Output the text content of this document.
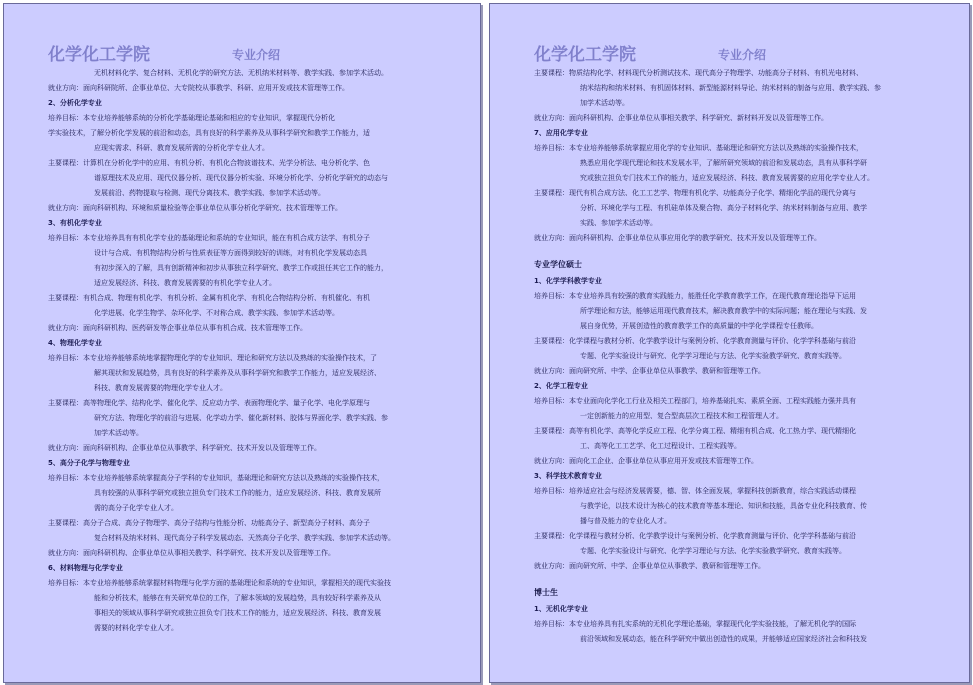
化学化工学院	专业介绍
无机材料化学、复合材料、无机化学的研究方法、无机纳米材料等、教学实践、参加学术活动。
就业方向：面向科研院所、企事业单位、大专院校从事教学、科研、应用开发或技术管理等工作。
2、分析化学专业
培养目标：本专业培养能够系统的分析化学基础理论基础和相应的专业知识，掌握现代分析化
学实验技术，了解分析化学发展的前沿和动态，具有良好的科学素养及从事科学研究和教学工作能力，适
应现实需求、科研、教育发展所需的分析化学专业人才。
主要课程：计算机在分析化学中的应用、有机分析、有机化合物波谱技术、光学分析法、电分析化学、色
谱原理技术及应用、现代仪器分析、现代仪器分析实验、环境分析化学、分析化学研究的动态与
发展前沿、药物提取与检测、现代分离技术、教学实践、参加学术活动等。
就业方向：面向科研机构、环境和质量检验等企事业单位从事分析化学研究、技术管理等工作。
3、有机化学专业
培养目标：本专业培养具有有机化学专业的基础理论和系统的专业知识，能在有机合成方法学、有机分子
设计与合成、有机物结构分析与性质表征等方面得到较好的训练，对有机化学发展动态具
有初步深入的了解，具有创新精神和初步从事独立科学研究、教学工作或担任其它工作的能力，
适应发展经济、科技、教育发展需要的有机化学专业人才。
主要课程：有机合成、物理有机化学、有机分析、金属有机化学、有机化合物结构分析、有机催化、有机
化学进展、化学生物学、杂环化学、不对称合成、教学实践、参加学术活动等。
就业方向：面向科研机构、医药研发等企事业单位从事有机合成、技术管理等工作。
4、物理化学专业
培养目标：本专业培养能够系统地掌握物理化学的专业知识、理论和研究方法以及熟练的实验操作技术，了
解其现状和发展趋势，具有良好的科学素养及从事科学研究和教学工作能力，适应发展经济、
科技、教育发展需要的物理化学专业人才。
主要课程：高等物理化学、结构化学、催化化学、反应动力学、表面物理化学、量子化学、电化学原理与
研究方法、物理化学的前沿与进展、化学动力学、催化新材料、胶体与界面化学、教学实践、参
加学术活动等。
就业方向：面向科研机构、企事业单位从事教学、科学研究、技术开发以及管理等工作。
5、高分子化学与物理专业
培养目标：本专业培养能够系统掌握高分子学科的专业知识，基础理论和研究方法以及熟练的实验操作技术，
具有较强的从事科学研究或独立担负专门技术工作的能力，适应发展经济、科技、教育发展所
需的高分子化学专业人才。
主要课程：高分子合成、高分子物理学、高分子结构与性能分析、功能高分子、新型高分子材料、高分子
复合材料及纳米材料、现代高分子科学发展动态、天然高分子化学、教学实践、参加学术活动等。
就业方向：面向科研机构、企事业单位从事相关教学、科学研究、技术开发以及管理等工作。
6、材料物理与化学专业
培养目标：本专业培养能够系统掌握材料物理与化学方面的基础理论和系统的专业知识，掌握相关的现代实验技
能和分析技术，能够在有关研究单位的工作，了解本领域的发展趋势，具有较好科学素养及从
事相关的领域从事科学研究或独立担负专门技术工作的能力，适应发展经济、科技、教育发展
需要的材料化学专业人才。
化学化工学院	专业介绍
主要课程：物质结构化学、材料现代分析测试技术、现代高分子物理学、功能高分子材料、有机光电材料、
纳米结构和纳米材料、有机固体材料、新型能源材料导论、纳米材料的制备与应用、教学实践、参
加学术活动等。
就业方向：面向科研机构、企事业单位从事相关教学、科学研究、新材料开发以及管理等工作。
7、应用化学专业
培养目标：本专业培养能够系统掌握应用化学的专业知识、基础理论和研究方法以及熟练的实验操作技术，
熟悉应用化学现代理论和技术发展水平，了解所研究领域的前沿和发展动态，具有从事科学研
究或独立担负专门技术工作的能力，适应发展经济、科技、教育发展需要的应用化学专业人才。
主要课程：现代有机合成方法、化工工艺学、物理有机化学、功能高分子化学、精细化学品的现代分离与
分析、环境化学与工程、有机硅单体及聚合物、高分子材料化学、纳米材料制备与应用、教学
实践、参加学术活动等。
就业方向：面向科研机构、企事业单位从事应用化学的教学研究、技术开发以及管理等工作。
专业学位硕士
1、化学学科教学专业
培养目标：本专业培养具有较强的教育实践能力，能胜任化学教育教学工作，在现代教育理论指导下运用
所学理论和方法，能够运用现代教育技术，解决教育教学中的实际问题；能在理论与实践、发
展自身优势，开展创造性的教育教学工作的高质量的中学化学课程专任教师。
主要课程：化学课程与教材分析、化学教学设计与案例分析、化学教育测量与评价、化学学科基础与前沿
专题、化学实验设计与研究、化学学习理论与方法、化学实验教学研究、教育实践等。
就业方向：面向研究所、中学、企事业单位从事教学、教研和管理等工作。
2、化学工程专业
培养目标：本专业面向化学化工行业及相关工程部门，培养基础扎实、素质全面、工程实践能力强并具有
一定创新能力的应用型、复合型高层次工程技术和工程管理人才。
主要课程：高等有机化学、高等化学反应工程、化学分离工程、精细有机合成、化工热力学、现代精细化
工、高等化工工艺学、化工过程设计、工程实践等。
就业方向：面向化工企业、企事业单位从事应用开发或技术管理等工作。
3、科学技术教育专业
培养目标：培养适应社会与经济发展需要，德、智、体全面发展，掌握科技创新教育，综合实践活动课程
与教学论，以技术设计为核心的技术教育等基本理论、知识和技能，具备专业化科技教育、传
播与普及能力的专业化人才。
主要课程：化学课程与教材分析、化学教学设计与案例分析、化学教育测量与评价、化学学科基础与前沿
专题、化学实验设计与研究、化学学习理论与方法、化学实验教学研究、教育实践等。
就业方向：面向研究所、中学、企事业单位从事教学、教研和管理等工作。
博士生
1、无机化学专业
培养目标：本专业培养具有扎实系统的无机化学理论基础，掌握现代化学实验技能，了解无机化学的国际
前沿领域和发展动态，能在科学研究中做出创造性的成果，并能够适应国家经济社会和科技发
